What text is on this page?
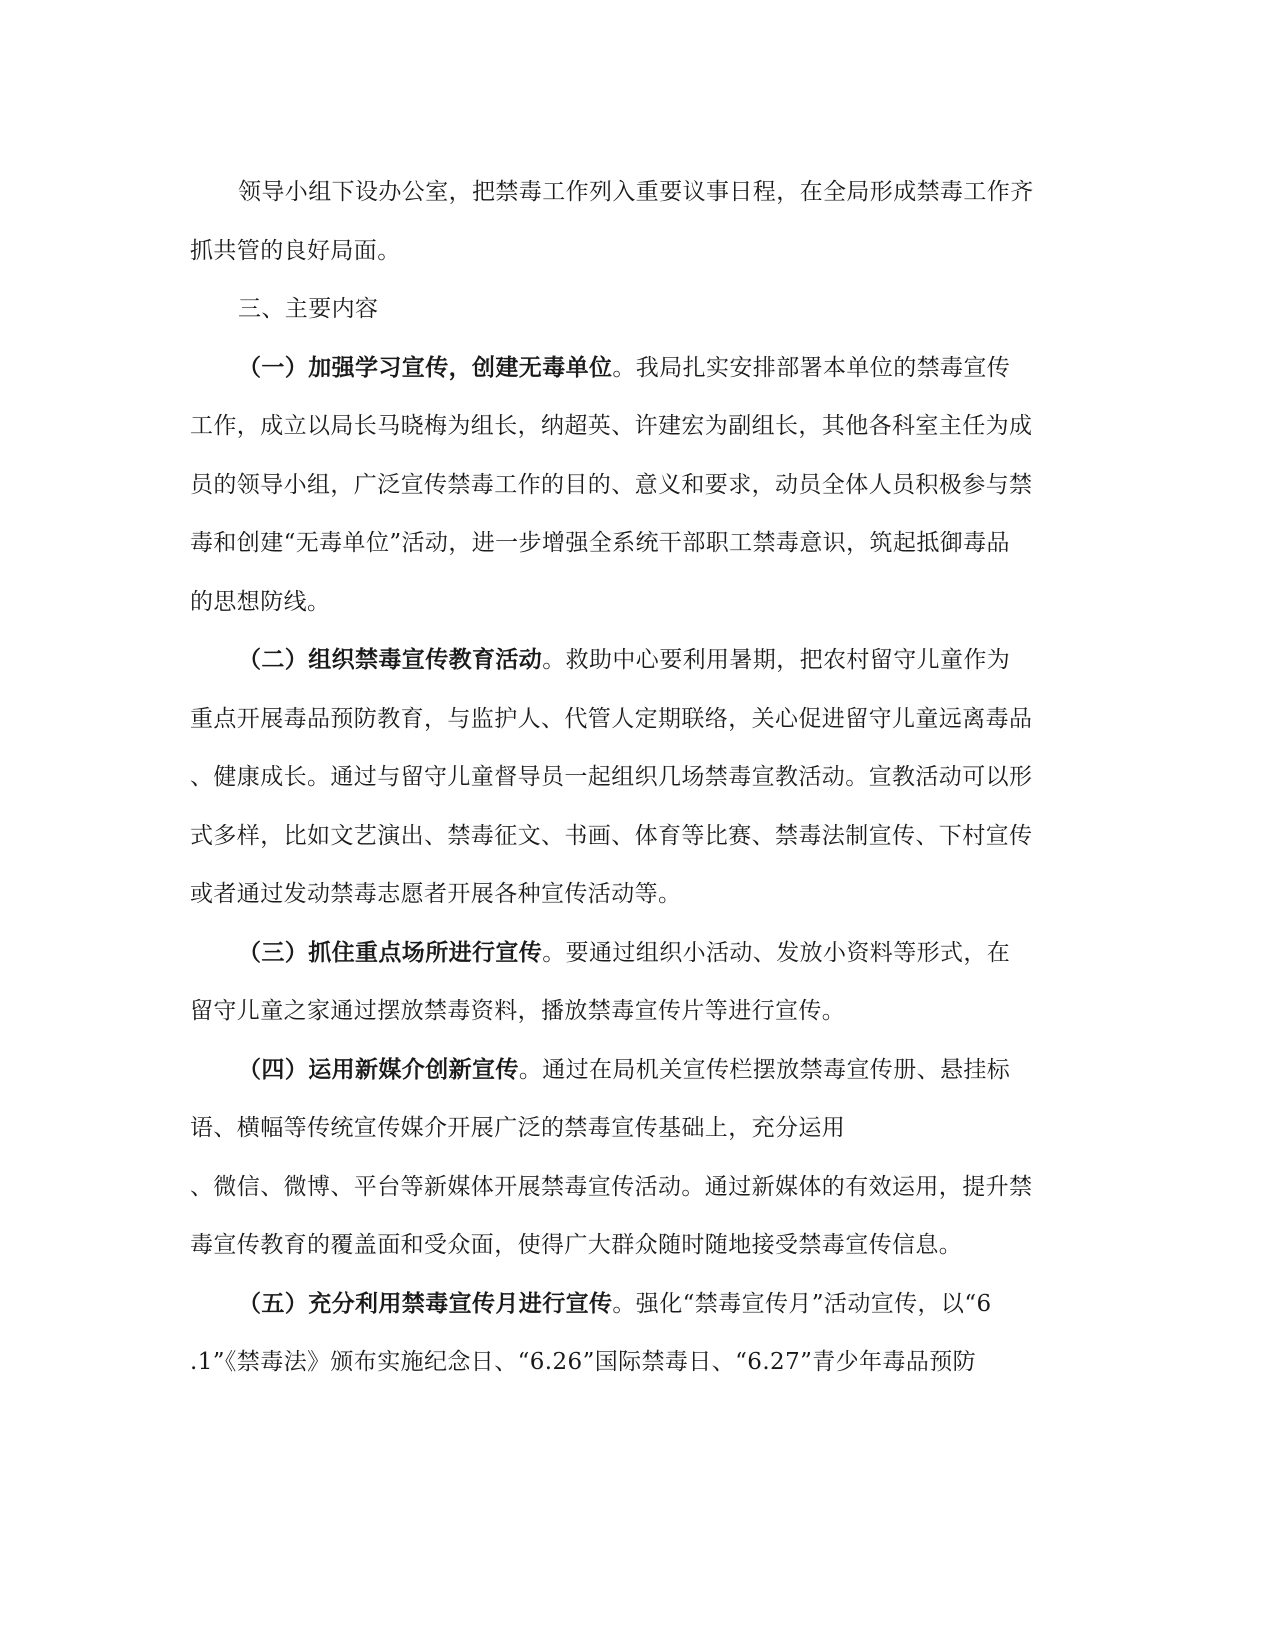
领导小组下设办公室，把禁毒工作列入重要议事日程，在全局形成禁毒工作齐
抓共管的良好局面。
三、主要内容
（一）加强学习宣传，创建无毒单位。我局扎实安排部署本单位的禁毒宣传
工作，成立以局长马晓梅为组长，纳超英、许建宏为副组长，其他各科室主任为成
员的领导小组，广泛宣传禁毒工作的目的、意义和要求，动员全体人员积极参与禁
毒和创建“无毒单位”活动，进一步增强全系统干部职工禁毒意识，筑起抵御毒品
的思想防线。
（二）组织禁毒宣传教育活动。救助中心要利用暑期，把农村留守儿童作为
重点开展毒品预防教育，与监护人、代管人定期联络，关心促进留守儿童远离毒品
、健康成长。通过与留守儿童督导员一起组织几场禁毒宣教活动。宣教活动可以形
式多样，比如文艺演出、禁毒征文、书画、体育等比赛、禁毒法制宣传、下村宣传
或者通过发动禁毒志愿者开展各种宣传活动等。
（三）抓住重点场所进行宣传。要通过组织小活动、发放小资料等形式，在
留守儿童之家通过摆放禁毒资料，播放禁毒宣传片等进行宣传。
（四）运用新媒介创新宣传。通过在局机关宣传栏摆放禁毒宣传册、悬挂标
语、横幅等传统宣传媒介开展广泛的禁毒宣传基础上，充分运用
、微信、微博、平台等新媒体开展禁毒宣传活动。通过新媒体的有效运用，提升禁
毒宣传教育的覆盖面和受众面，使得广大群众随时随地接受禁毒宣传信息。
（五）充分利用禁毒宣传月进行宣传。强化“禁毒宣传月”活动宣传，以“6
.1”《禁毒法》颁布实施纪念日、“6.26”国际禁毒日、“6.27”青少年毒品预防
